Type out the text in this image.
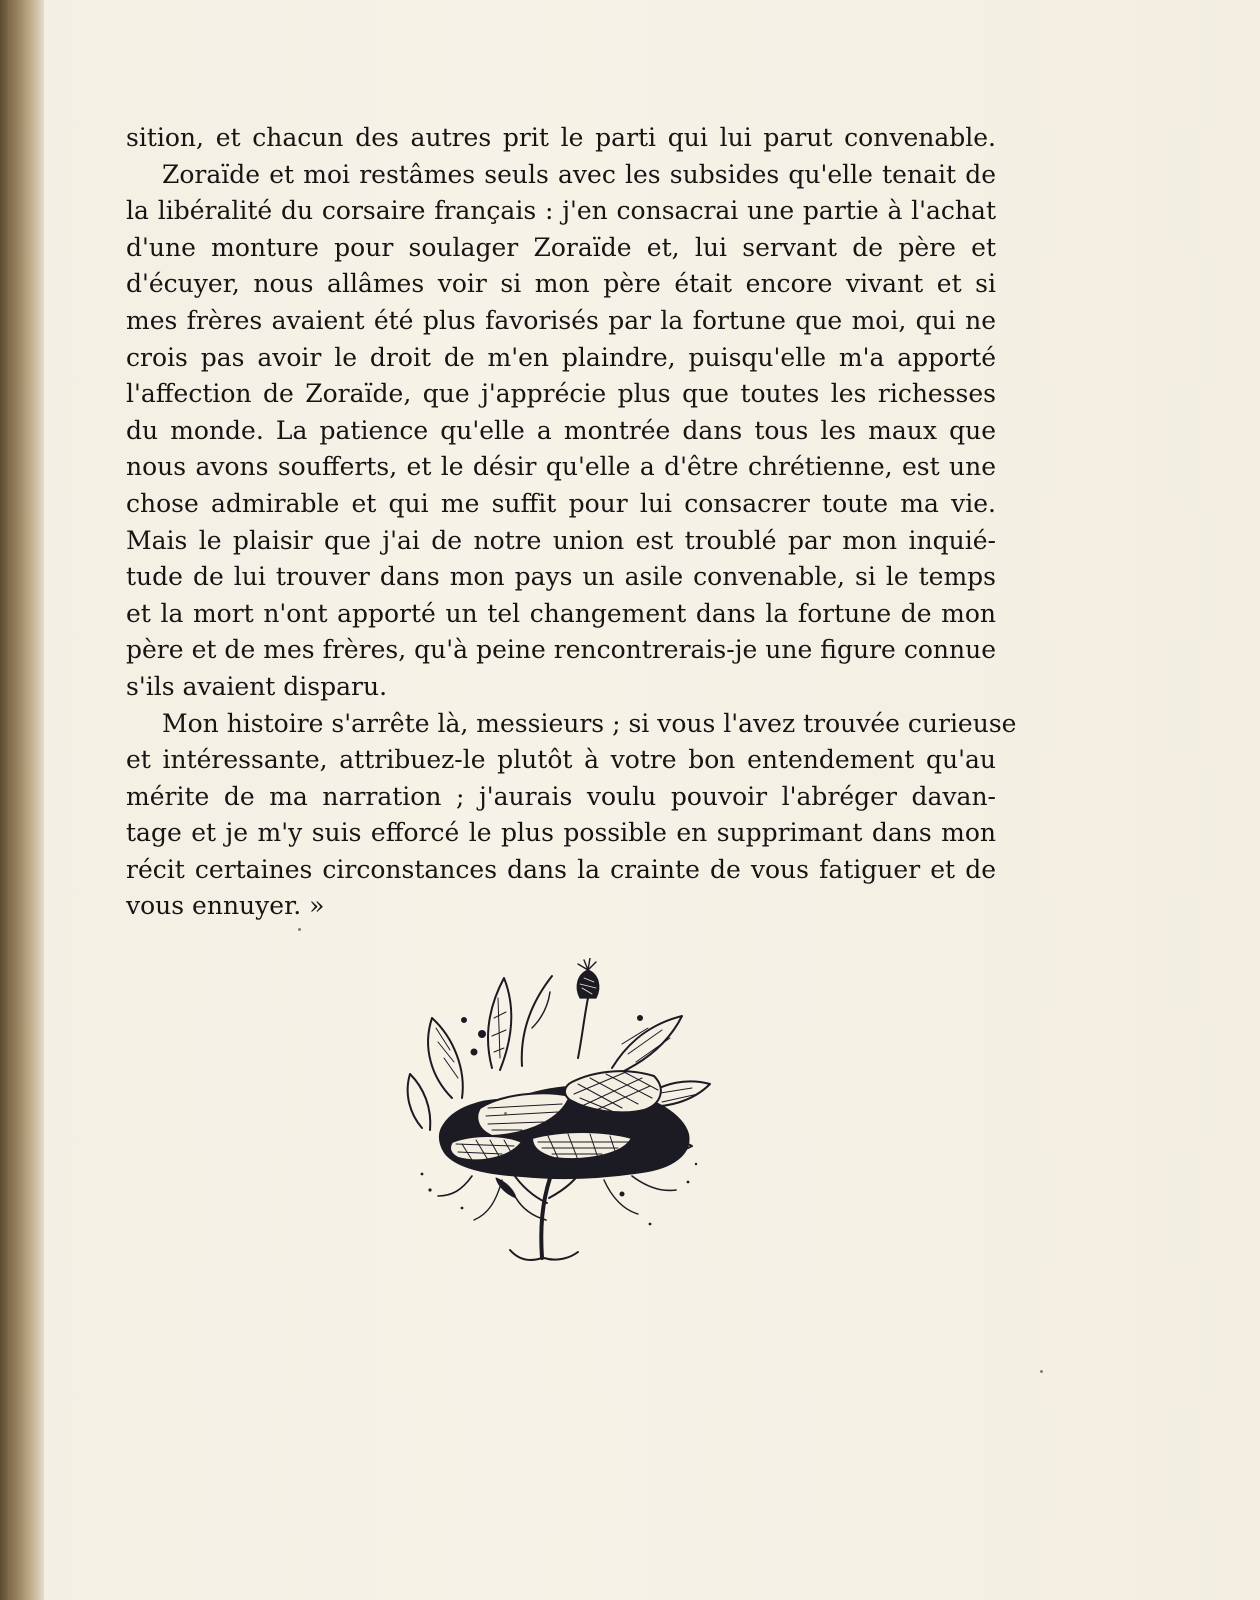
sition, et chacun des autres prit le parti qui lui parut convenable.
Zoraïde et moi restâmes seuls avec les subsides qu'elle tenait de
la libéralité du corsaire français : j'en consacrai une partie à l'achat
d'une monture pour soulager Zoraïde et, lui servant de père et
d'écuyer, nous allâmes voir si mon père était encore vivant et si
mes frères avaient été plus favorisés par la fortune que moi, qui ne
crois pas avoir le droit de m'en plaindre, puisqu'elle m'a apporté
l'affection de Zoraïde, que j'apprécie plus que toutes les richesses
du monde. La patience qu'elle a montrée dans tous les maux que
nous avons soufferts, et le désir qu'elle a d'être chrétienne, est une
chose admirable et qui me suffit pour lui consacrer toute ma vie.
Mais le plaisir que j'ai de notre union est troublé par mon inquié-
tude de lui trouver dans mon pays un asile convenable, si le temps
et la mort n'ont apporté un tel changement dans la fortune de mon
père et de mes frères, qu'à peine rencontrerais-je une figure connue
s'ils avaient disparu.
Mon histoire s'arrête là, messieurs ; si vous l'avez trouvée curieuse
et intéressante, attribuez-le plutôt à votre bon entendement qu'au
mérite de ma narration ; j'aurais voulu pouvoir l'abréger davan-
tage et je m'y suis efforcé le plus possible en supprimant dans mon
récit certaines circonstances dans la crainte de vous fatiguer et de
vous ennuyer. »
